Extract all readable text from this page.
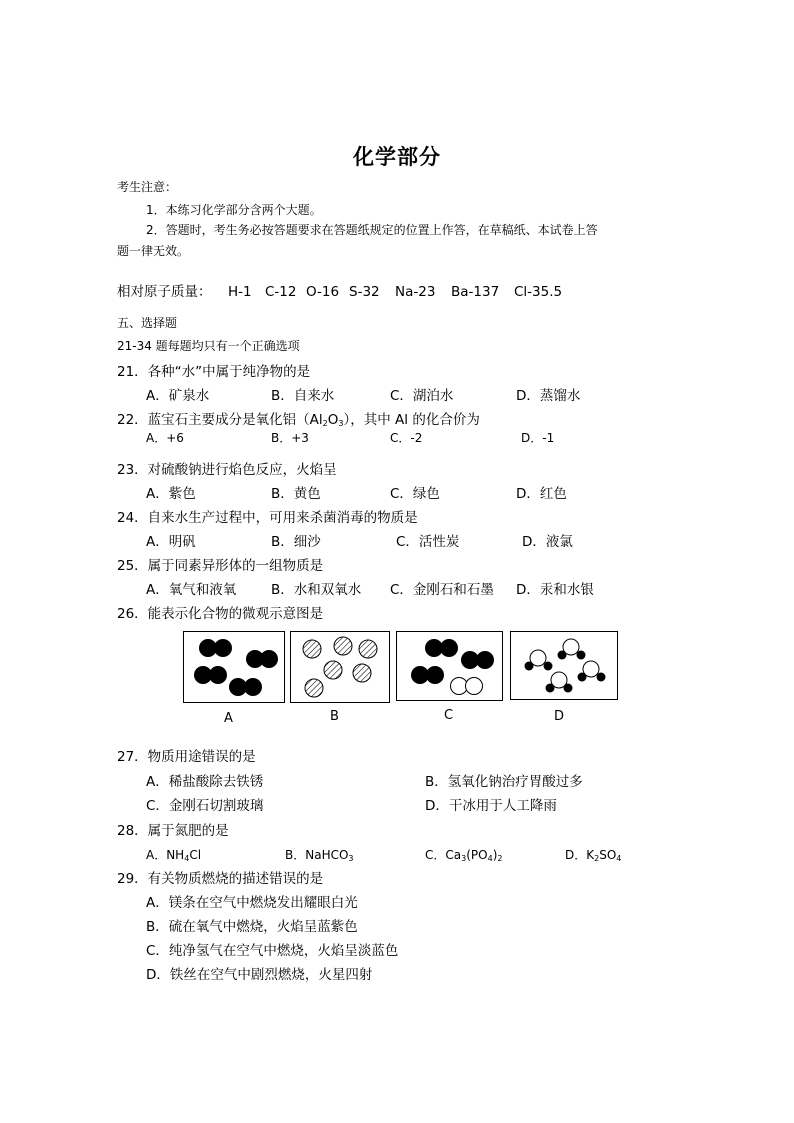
化学部分
考生注意：
1．本练习化学部分含两个大题。
2．答题时，考生务必按答题要求在答题纸规定的位置上作答，在草稿纸、本试卷上答
题一律无效。
相对原子质量： H-1 C-12 O-16 S-32 Na-23 Ba-137 Cl-35.5
五、选择题
21-34 题每题均只有一个正确选项
21．各种“水”中属于纯净物的是
A．矿泉水	B．自来水	C．湖泊水	D．蒸馏水
22．蓝宝石主要成分是氧化铝$(Al_2O_3)$，其中 Al 的化合价为
A．+6	B．+3	C．-2	D．-1
23．对硫酸钠进行焰色反应，火焰呈
A．紫色	B．黄色	C．绿色	D．红色
24．自来水生产过程中，可用来杀菌消毒的物质是
A．明矾	B．细沙	C．活性炭	D．液氯
25．属于同素异形体的一组物质是
A．氧气和液氧	B．水和双氧水 C．金刚石和石墨 D．汞和水银
26．能表示化合物的微观示意图是
A	B	C	D
27．物质用途错误的是
A．稀盐酸除去铁锈	B．氢氧化钠治疗胃酸过多
C．金刚石切割玻璃	D．干冰用于人工降雨
28．属于氮肥的是
A．$NH_4Cl$	B．NaHCO$_3$	C．$Ca_3(PO_4)_2$	D．$K_2SO_4$
29．有关物质燃烧的描述错误的是
A．镁条在空气中燃烧发出耀眼白光
B．硫在氧气中燃烧，火焰呈蓝紫色
C．纯净氢气在空气中燃烧，火焰呈淡蓝色
D．铁丝在空气中剧烈燃烧，火星四射
